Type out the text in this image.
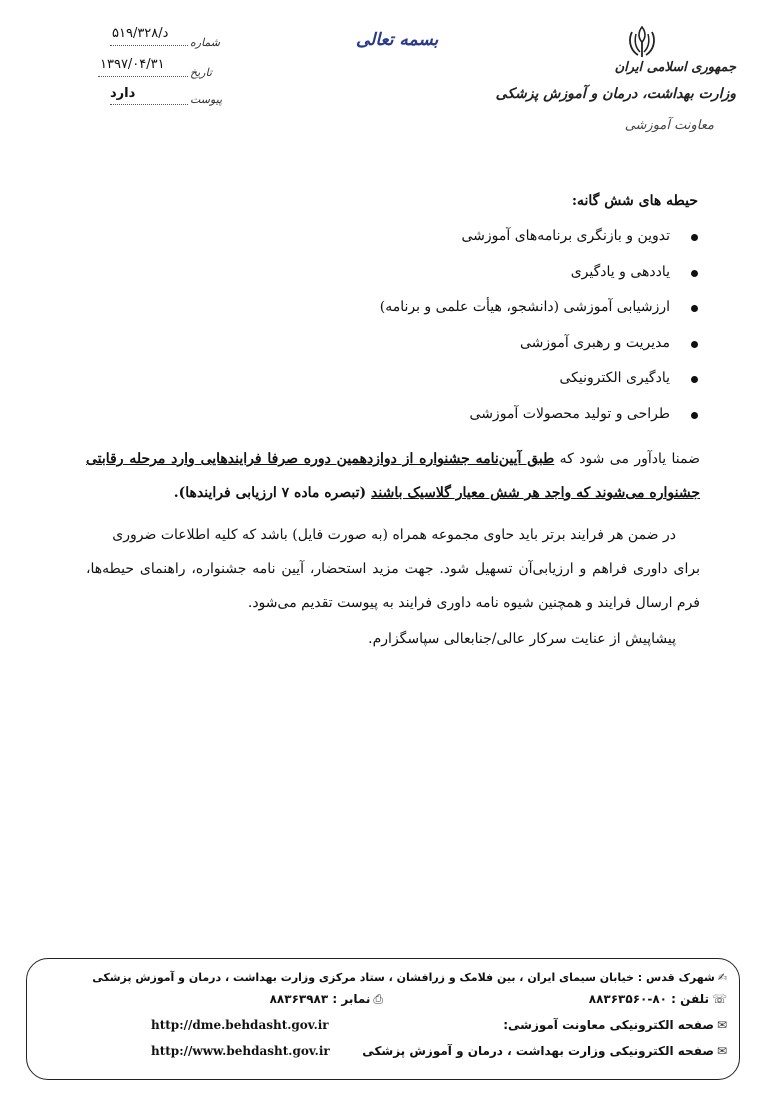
جمهوری اسلامی ایران
وزارت بهداشت، درمان و آموزش پزشکی
معاونت آموزشی
بسمه تعالی
شماره
د/۵۱۹/۳۲۸
تاریخ
۱۳۹۷/۰۴/۳۱
پیوست
دارد
حیطه های شش گانه:
تدوین و بازنگری برنامه‌های آموزشی
یاددهی و یادگیری
ارزشیابی آموزشی (دانشجو، هیأت علمی و برنامه)
مدیریت و رهبری آموزشی
یادگیری الکترونیکی
طراحی و تولید محصولات آموزشی
ضمنا یادآور می شود که طبق آیین‌نامه جشنواره از دوازدهمین دوره صرفا فرایندهایی وارد مرحله رقابتی جشنواره می‌شوند که واجد هر شش معیار گلاسیک باشند (تبصره ماده ۷ ارزیابی فرایندها).
در ضمن هر فرایند برتر باید حاوی مجموعه همراه (به صورت فایل) باشد که کلیه اطلاعات ضروری
برای داوری فراهم و ارزیابی‌آن تسهیل شود. جهت مزید استحضار، آیین نامه جشنواره، راهنمای حیطه‌ها، فرم ارسال فرایند و همچنین شیوه نامه داوری فرایند به پیوست تقدیم می‌شود.
پیشاپیش از عنایت سرکار عالی/جنابعالی سپاسگزارم.
✍شهرک قدس : خیابان سیمای ایران ، بین فلامک و زرافشان ، ستاد مرکزی وزارت بهداشت ، درمان و آموزش پزشکی
☏تلفن : ۸۰-۸۸۳۶۳۵۶۰
⎙نمابر : ۸۸۳۶۳۹۸۳
✉صفحه الکترونیکی معاونت آموزشی:
http://dme.behdasht.gov.ir
✉صفحه الکترونیکی وزارت بهداشت ، درمان و آموزش پزشکی
http://www.behdasht.gov.ir
